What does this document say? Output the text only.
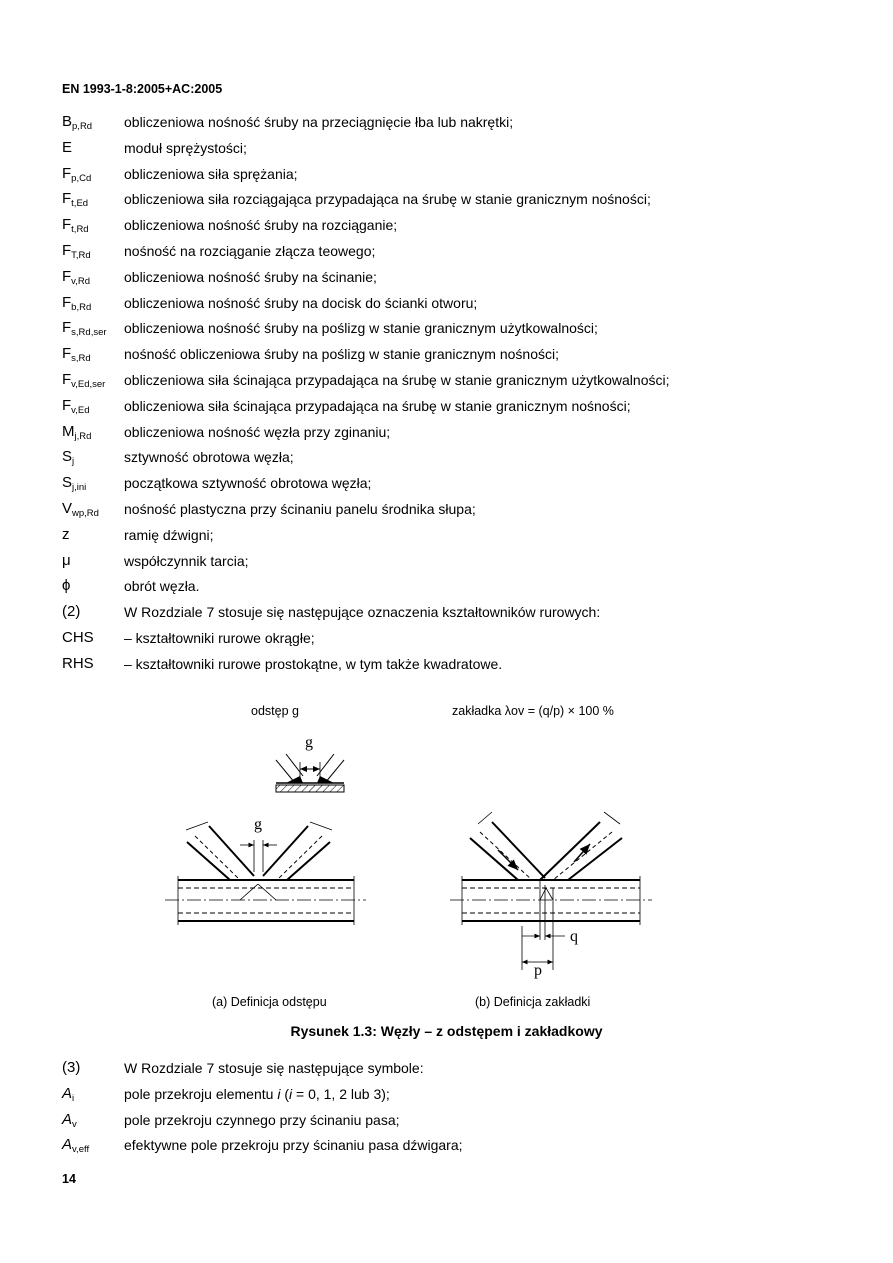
EN 1993-1-8:2005+AC:2005
$B_{p,Rd}$ obliczeniowa nośność śruby na przeciągnięcie łba lub nakrętki;
E	moduł sprężystości;
$F_{p,Cd}$ obliczeniowa siła sprężania;
$F_{t,Ed}$	obliczeniowa siła rozciągająca przypadająca na śrubę w stanie granicznym nośności;
$F_{t,Rd}$	obliczeniowa nośność śruby na rozciąganie;
$F_{T,Rd}$ nośność na rozciąganie złącza teowego;
$F_{v,Rd}$ obliczeniowa nośność śruby na ścinanie;
$F_{b,Rd}$ obliczeniowa nośność śruby na docisk do ścianki otworu;
$F_{s,Rd,ser}$ obliczeniowa nośność śruby na poślizg w stanie granicznym użytkowalności;
$F_{s,Rd}$ nośność obliczeniowa śruby na poślizg w stanie granicznym nośności;
$F_{v,Ed,ser}$ obliczeniowa siła ścinająca przypadająca na śrubę w stanie granicznym użytkowalności;
$F_{v,Ed}$ obliczeniowa siła ścinająca przypadająca na śrubę w stanie granicznym nośności;
$M_{j,Rd}$ obliczeniowa nośność węzła przy zginaniu;
$S_j$	sztywność obrotowa węzła;
$S_{j,ini}$	początkowa sztywność obrotowa węzła;
$V_{wp,Rd}$ nośność plastyczna przy ścinaniu panelu środnika słupa;
z	ramię dźwigni;
μ	współczynnik tarcia;
ϕ	obrót węzła.
(2)	W Rozdziale 7 stosuje się następujące oznaczenia kształtowników rurowych:
CHS – kształtowniki rurowe okrągłe;
RHS – kształtowniki rurowe prostokątne, w tym także kwadratowe.
odstęp g	zakładka λov = (q/p) × 100 %
g
g
q
p
(a) Definicja odstępu	(b) Definicja zakładki
Rysunek 1.3: Węzły – z odstępem i zakładkowy
(3)	W Rozdziale 7 stosuje się następujące symbole:
$A_i$	pole przekroju elementu i (i = 0, 1, 2 lub 3);
$A_v$	pole przekroju czynnego przy ścinaniu pasa;
$A_{v,eff}$ efektywne pole przekroju przy ścinaniu pasa dźwigara;
14
